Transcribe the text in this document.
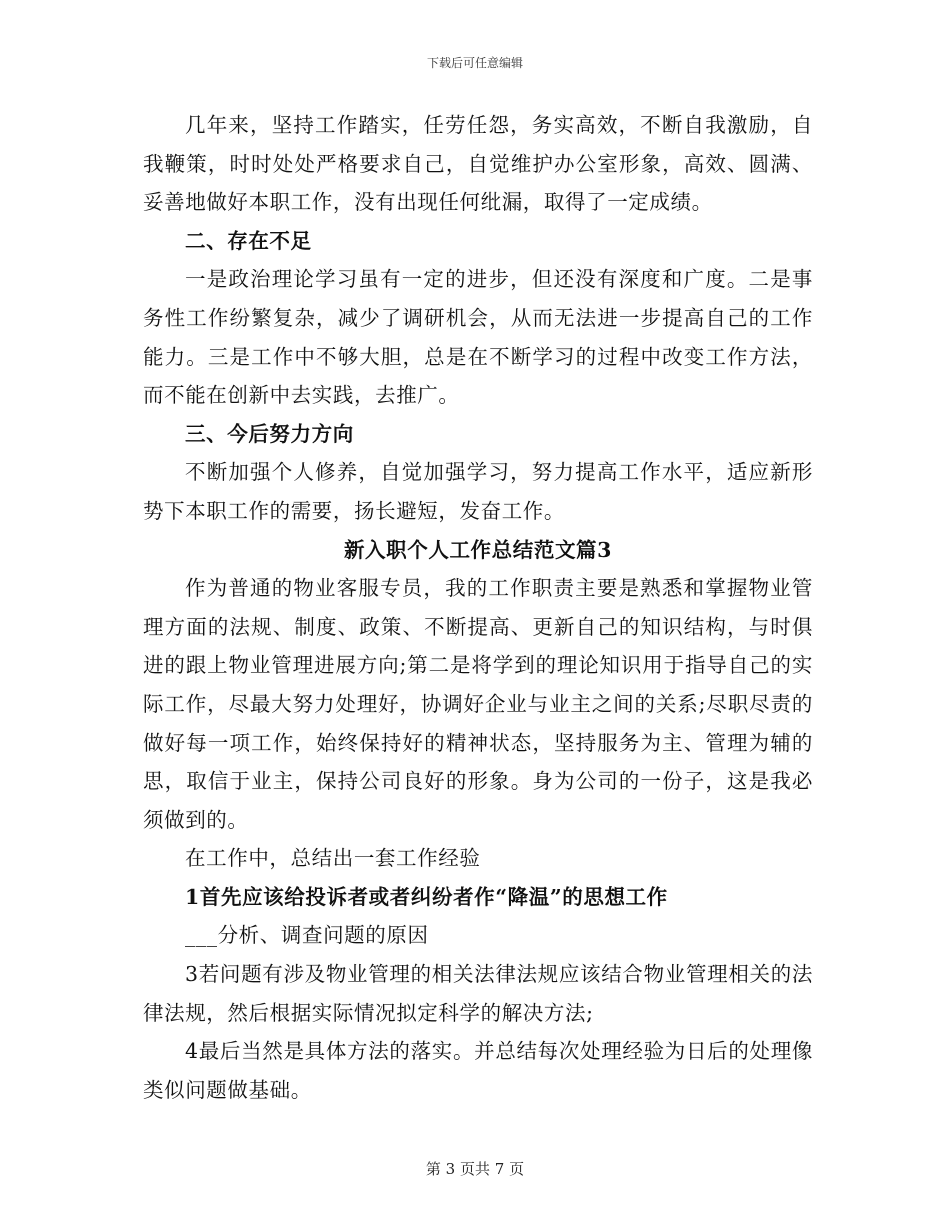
下载后可任意编辑

几年来，坚持工作踏实，任劳任怨，务实高效，不断自我激励，自我鞭策，时时处处严格要求自己，自觉维护办公室形象，高效、圆满、妥善地做好本职工作，没有出现任何纰漏，取得了一定成绩。

二、存在不足

一是政治理论学习虽有一定的进步，但还没有深度和广度。二是事务性工作纷繁复杂，减少了调研机会，从而无法进一步提高自己的工作能力。三是工作中不够大胆，总是在不断学习的过程中改变工作方法，而不能在创新中去实践，去推广。

三、今后努力方向

不断加强个人修养，自觉加强学习，努力提高工作水平，适应新形势下本职工作的需要，扬长避短，发奋工作。

新入职个人工作总结范文篇3

作为普通的物业客服专员，我的工作职责主要是熟悉和掌握物业管理方面的法规、制度、政策、不断提高、更新自己的知识结构，与时俱进的跟上物业管理进展方向;第二是将学到的理论知识用于指导自己的实际工作，尽最大努力处理好，协调好企业与业主之间的关系;尽职尽责的做好每一项工作，始终保持好的精神状态，坚持服务为主、管理为辅的思，取信于业主，保持公司良好的形象。身为公司的一份子，这是我必须做到的。

在工作中，总结出一套工作经验

1首先应该给投诉者或者纠纷者作“降温”的思想工作

___分析、调查问题的原因

3若问题有涉及物业管理的相关法律法规应该结合物业管理相关的法律法规，然后根据实际情况拟定科学的解决方法;

4最后当然是具体方法的落实。并总结每次处理经验为日后的处理像类似问题做基础。

第 3 页共 7 页
